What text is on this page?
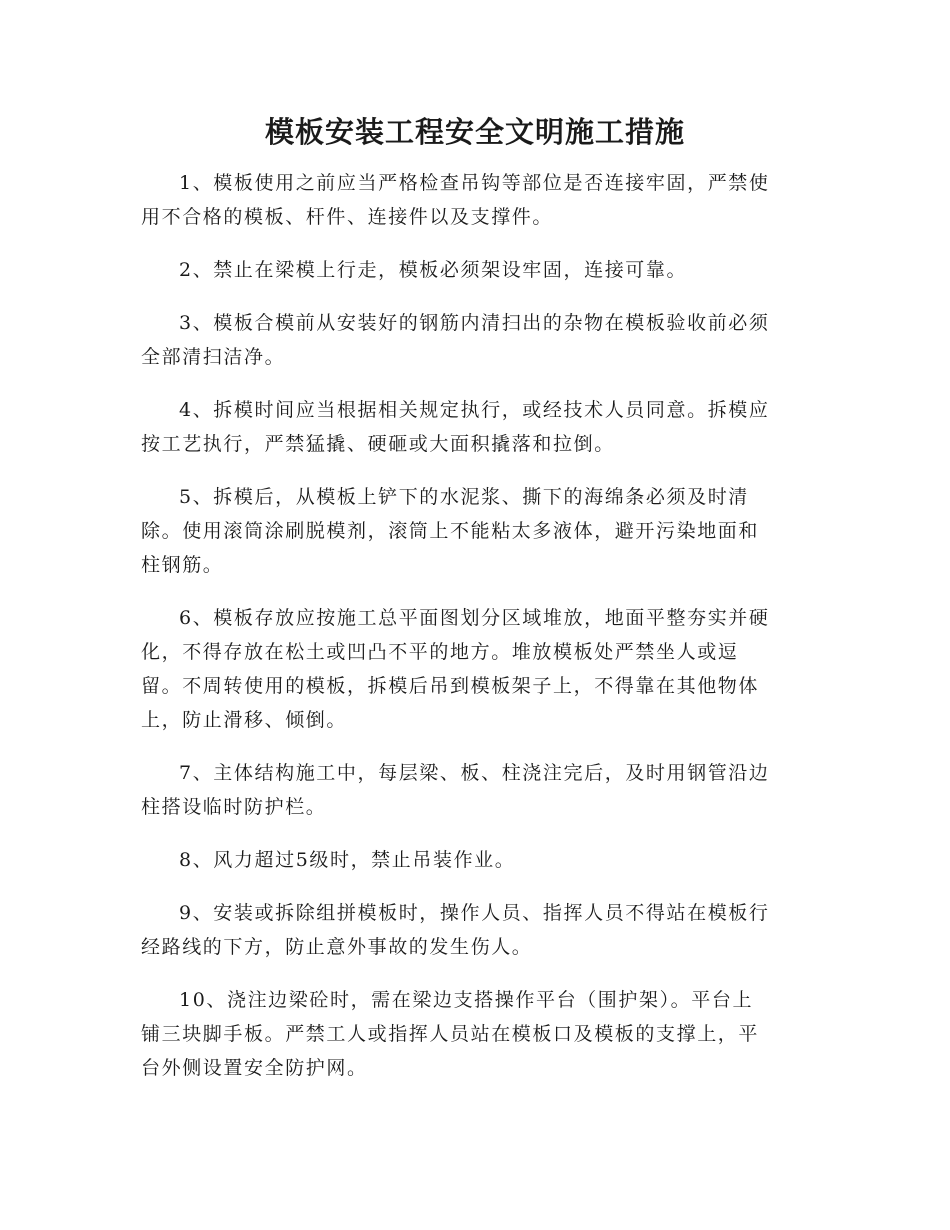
模板安装工程安全文明施工措施

1、模板使用之前应当严格检查吊钩等部位是否连接牢固，严禁使
用不合格的模板、杆件、连接件以及支撑件。

2、禁止在梁模上行走，模板必须架设牢固，连接可靠。

3、模板合模前从安装好的钢筋内清扫出的杂物在模板验收前必须
全部清扫洁净。

4、拆模时间应当根据相关规定执行，或经技术人员同意。拆模应
按工艺执行，严禁猛撬、硬砸或大面积撬落和拉倒。

5、拆模后，从模板上铲下的水泥浆、撕下的海绵条必须及时清
除。使用滚筒涂刷脱模剂，滚筒上不能粘太多液体，避开污染地面和
柱钢筋。

6、模板存放应按施工总平面图划分区域堆放，地面平整夯实并硬
化，不得存放在松土或凹凸不平的地方。堆放模板处严禁坐人或逗
留。不周转使用的模板，拆模后吊到模板架子上，不得靠在其他物体
上，防止滑移、倾倒。

7、主体结构施工中，每层梁、板、柱浇注完后，及时用钢管沿边
柱搭设临时防护栏。

8、风力超过5级时，禁止吊装作业。

9、安装或拆除组拼模板时，操作人员、指挥人员不得站在模板行
经路线的下方，防止意外事故的发生伤人。

10、浇注边梁砼时，需在梁边支搭操作平台（围护架）。平台上
铺三块脚手板。严禁工人或指挥人员站在模板口及模板的支撑上，平
台外侧设置安全防护网。
